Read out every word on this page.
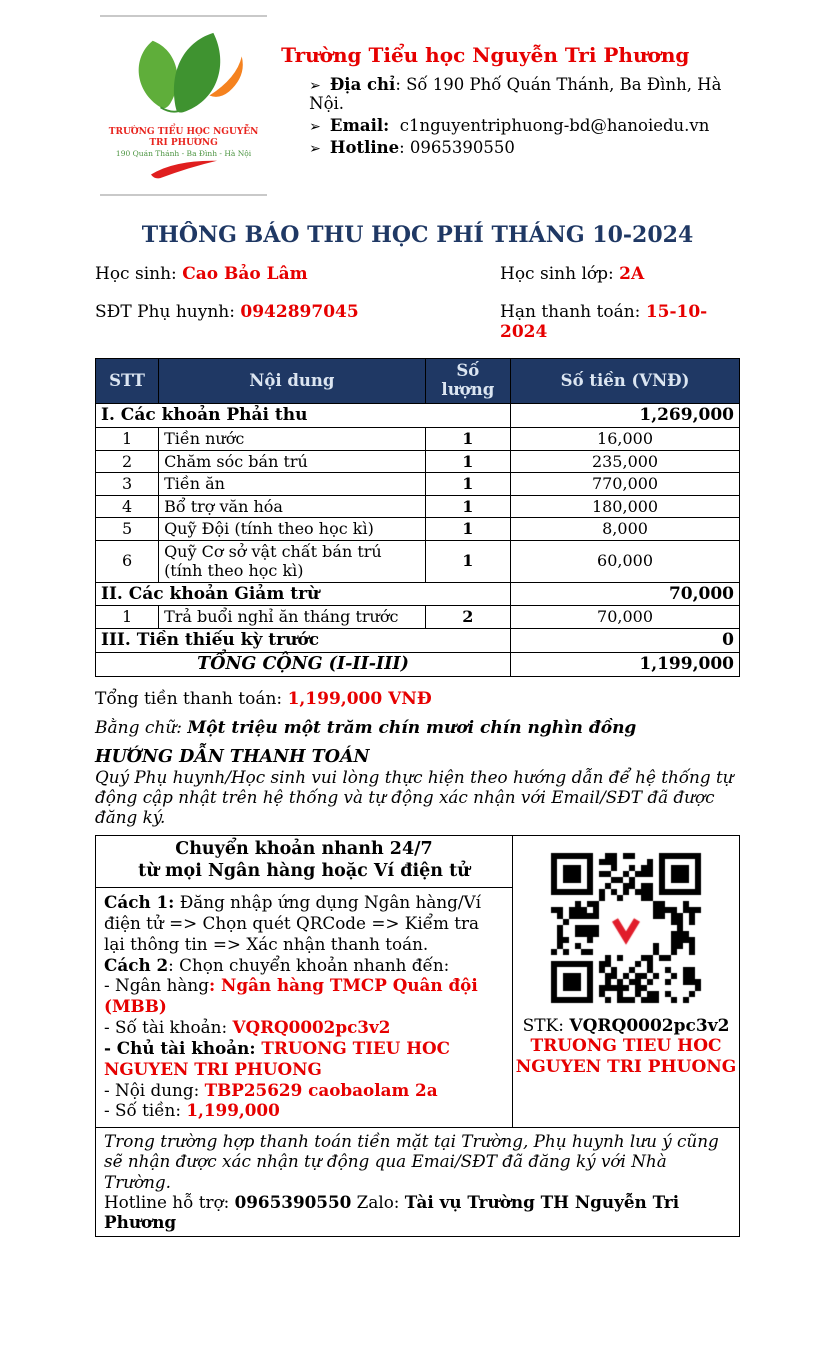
TRƯỜNG TIỂU HỌC NGUYỄN TRI PHƯƠNG
190 Quán Thánh - Ba Đình - Hà Nội
Trường Tiểu học Nguyễn Tri Phương
➢ Địa chỉ: Số 190 Phố Quán Thánh, Ba Đình, Hà Nội.
➢ Email:  c1nguyentriphuong-bd@hanoiedu.vn
➢ Hotline: 0965390550
THÔNG BÁO THU HỌC PHÍ THÁNG 10-2024
Học sinh: Cao Bảo Lâm	Học sinh lớp: 2A
SĐT Phụ huynh: 0942897045	Hạn thanh toán: 15-10-2024
STT	Nội dung	Số lượng	Số tiền (VNĐ)
I. Các khoản Phải thu			1,269,000
1	Tiền nước	1	16,000
2	Chăm sóc bán trú	1	235,000
3	Tiền ăn	1	770,000
4	Bổ trợ văn hóa	1	180,000
5	Quỹ Đội (tính theo học kì)	1	8,000
6	Quỹ Cơ sở vật chất bán trú (tính theo học kì)	1	60,000
II. Các khoản Giảm trừ			70,000
1	Trả buổi nghỉ ăn tháng trước	2	70,000
III. Tiền thiếu kỳ trước			0
TỔNG CỘNG (I-II-III)			1,199,000
Tổng tiền thanh toán: 1,199,000 VNĐ
Bằng chữ: Một triệu một trăm chín mươi chín nghìn đồng
HƯỚNG DẪN THANH TOÁN
Quý Phụ huynh/Học sinh vui lòng thực hiện theo hướng dẫn để hệ thống tự động cập nhật trên hệ thống và tự động xác nhận với Email/SĐT đã được đăng ký.
Chuyển khoản nhanh 24/7
từ mọi Ngân hàng hoặc Ví điện tử
Cách 1: Đăng nhập ứng dụng Ngân hàng/Ví điện tử => Chọn quét QRCode => Kiểm tra lại thông tin => Xác nhận thanh toán.
Cách 2: Chọn chuyển khoản nhanh đến:
- Ngân hàng: Ngân hàng TMCP Quân đội (MBB)
- Số tài khoản: VQRQ0002pc3v2
- Chủ tài khoản: TRUONG TIEU HOC NGUYEN TRI PHUONG
- Nội dung: TBP25629 caobaolam 2a
- Số tiền: 1,199,000

STK: VQRQ0002pc3v2
TRUONG TIEU HOC
NGUYEN TRI PHUONG

Trong trường hợp thanh toán tiền mặt tại Trường, Phụ huynh lưu ý cũng sẽ nhận được xác nhận tự động qua Emai/SĐT đã đăng ký với Nhà Trường.
Hotline hỗ trợ: 0965390550 Zalo: Tài vụ Trường TH Nguyễn Tri Phương
